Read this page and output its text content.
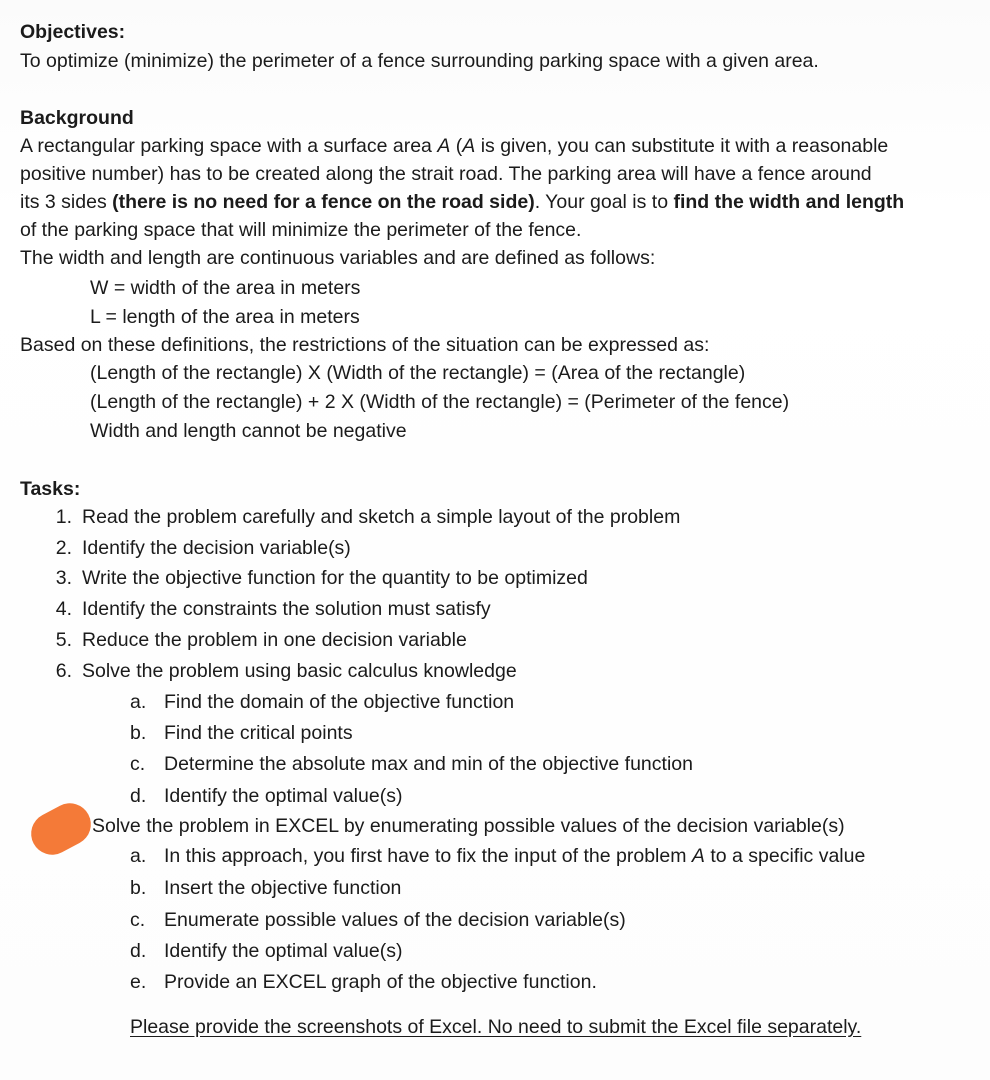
Objectives:
To optimize (minimize) the perimeter of a fence surrounding parking space with a given area.
Background
A rectangular parking space with a surface area A (A is given, you can substitute it with a reasonable
positive number) has to be created along the strait road. The parking area will have a fence around
its 3 sides (there is no need for a fence on the road side). Your goal is to find the width and length
of the parking space that will minimize the perimeter of the fence.
The width and length are continuous variables and are defined as follows:
W = width of the area in meters
L = length of the area in meters
Based on these definitions, the restrictions of the situation can be expressed as:
(Length of the rectangle) X (Width of the rectangle) = (Area of the rectangle)
(Length of the rectangle) + 2 X (Width of the rectangle) = (Perimeter of the fence)
Width and length cannot be negative
Tasks:
1. Read the problem carefully and sketch a simple layout of the problem
2. Identify the decision variable(s)
3. Write the objective function for the quantity to be optimized
4. Identify the constraints the solution must satisfy
5. Reduce the problem in one decision variable
6. Solve the problem using basic calculus knowledge
a. Find the domain of the objective function
b. Find the critical points
c. Determine the absolute max and min of the objective function
d. Identify the optimal value(s)
Solve the problem in EXCEL by enumerating possible values of the decision variable(s)
a. In this approach, you first have to fix the input of the problem A to a specific value
b. Insert the objective function
c. Enumerate possible values of the decision variable(s)
d. Identify the optimal value(s)
e. Provide an EXCEL graph of the objective function.
Please provide the screenshots of Excel. No need to submit the Excel file separately.
